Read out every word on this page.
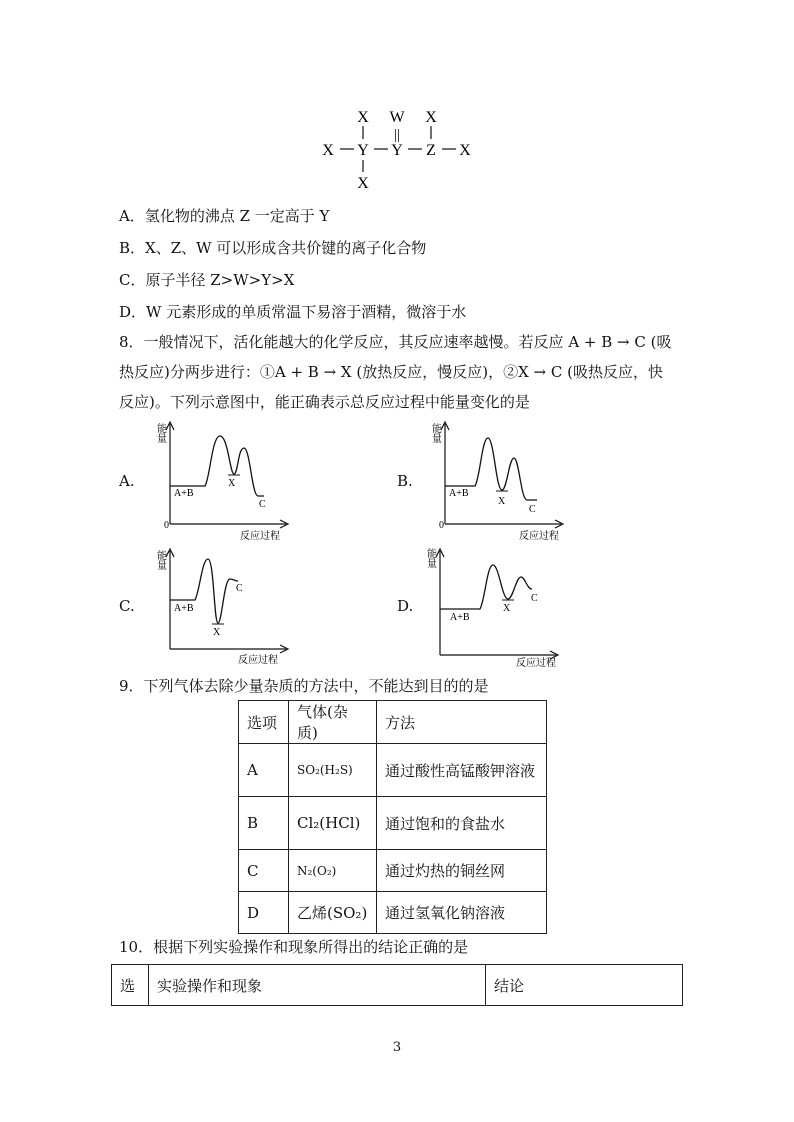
X W X
||
X Y Y Z X
X
A．氢化物的沸点 Z 一定高于 Y
B．X、Z、W 可以形成含共价键的离子化合物
C．原子半径 Z>W>Y>X
D．W 元素形成的单质常温下易溶于酒精，微溶于水
8．一般情况下，活化能越大的化学反应，其反应速率越慢。若反应 A + B → C (吸
热反应)分两步进行：①A + B → X (放热反应，慢反应)，②X → C (吸热反应，快
反应)。下列示意图中，能正确表示总反应过程中能量变化的是
A.	B.
C.	D.
能
量
0
反应过程
A+B
X
C
能
量
0
反应过程
A+B
X
C
能
量
反应过程
A+B
X
C
能
量
反应过程
A+B
X
C
9．下列气体去除少量杂质的方法中，不能达到目的的是
选项	气体(杂质)	方法
A	SO₂(H₂S)	通过酸性高锰酸钾溶液
B	Cl₂(HCl)	通过饱和的食盐水
C	N₂(O₂)	通过灼热的铜丝网
D	乙烯(SO₂)	通过氢氧化钠溶液
10．根据下列实验操作和现象所得出的结论正确的是
选	实验操作和现象	结论
3
